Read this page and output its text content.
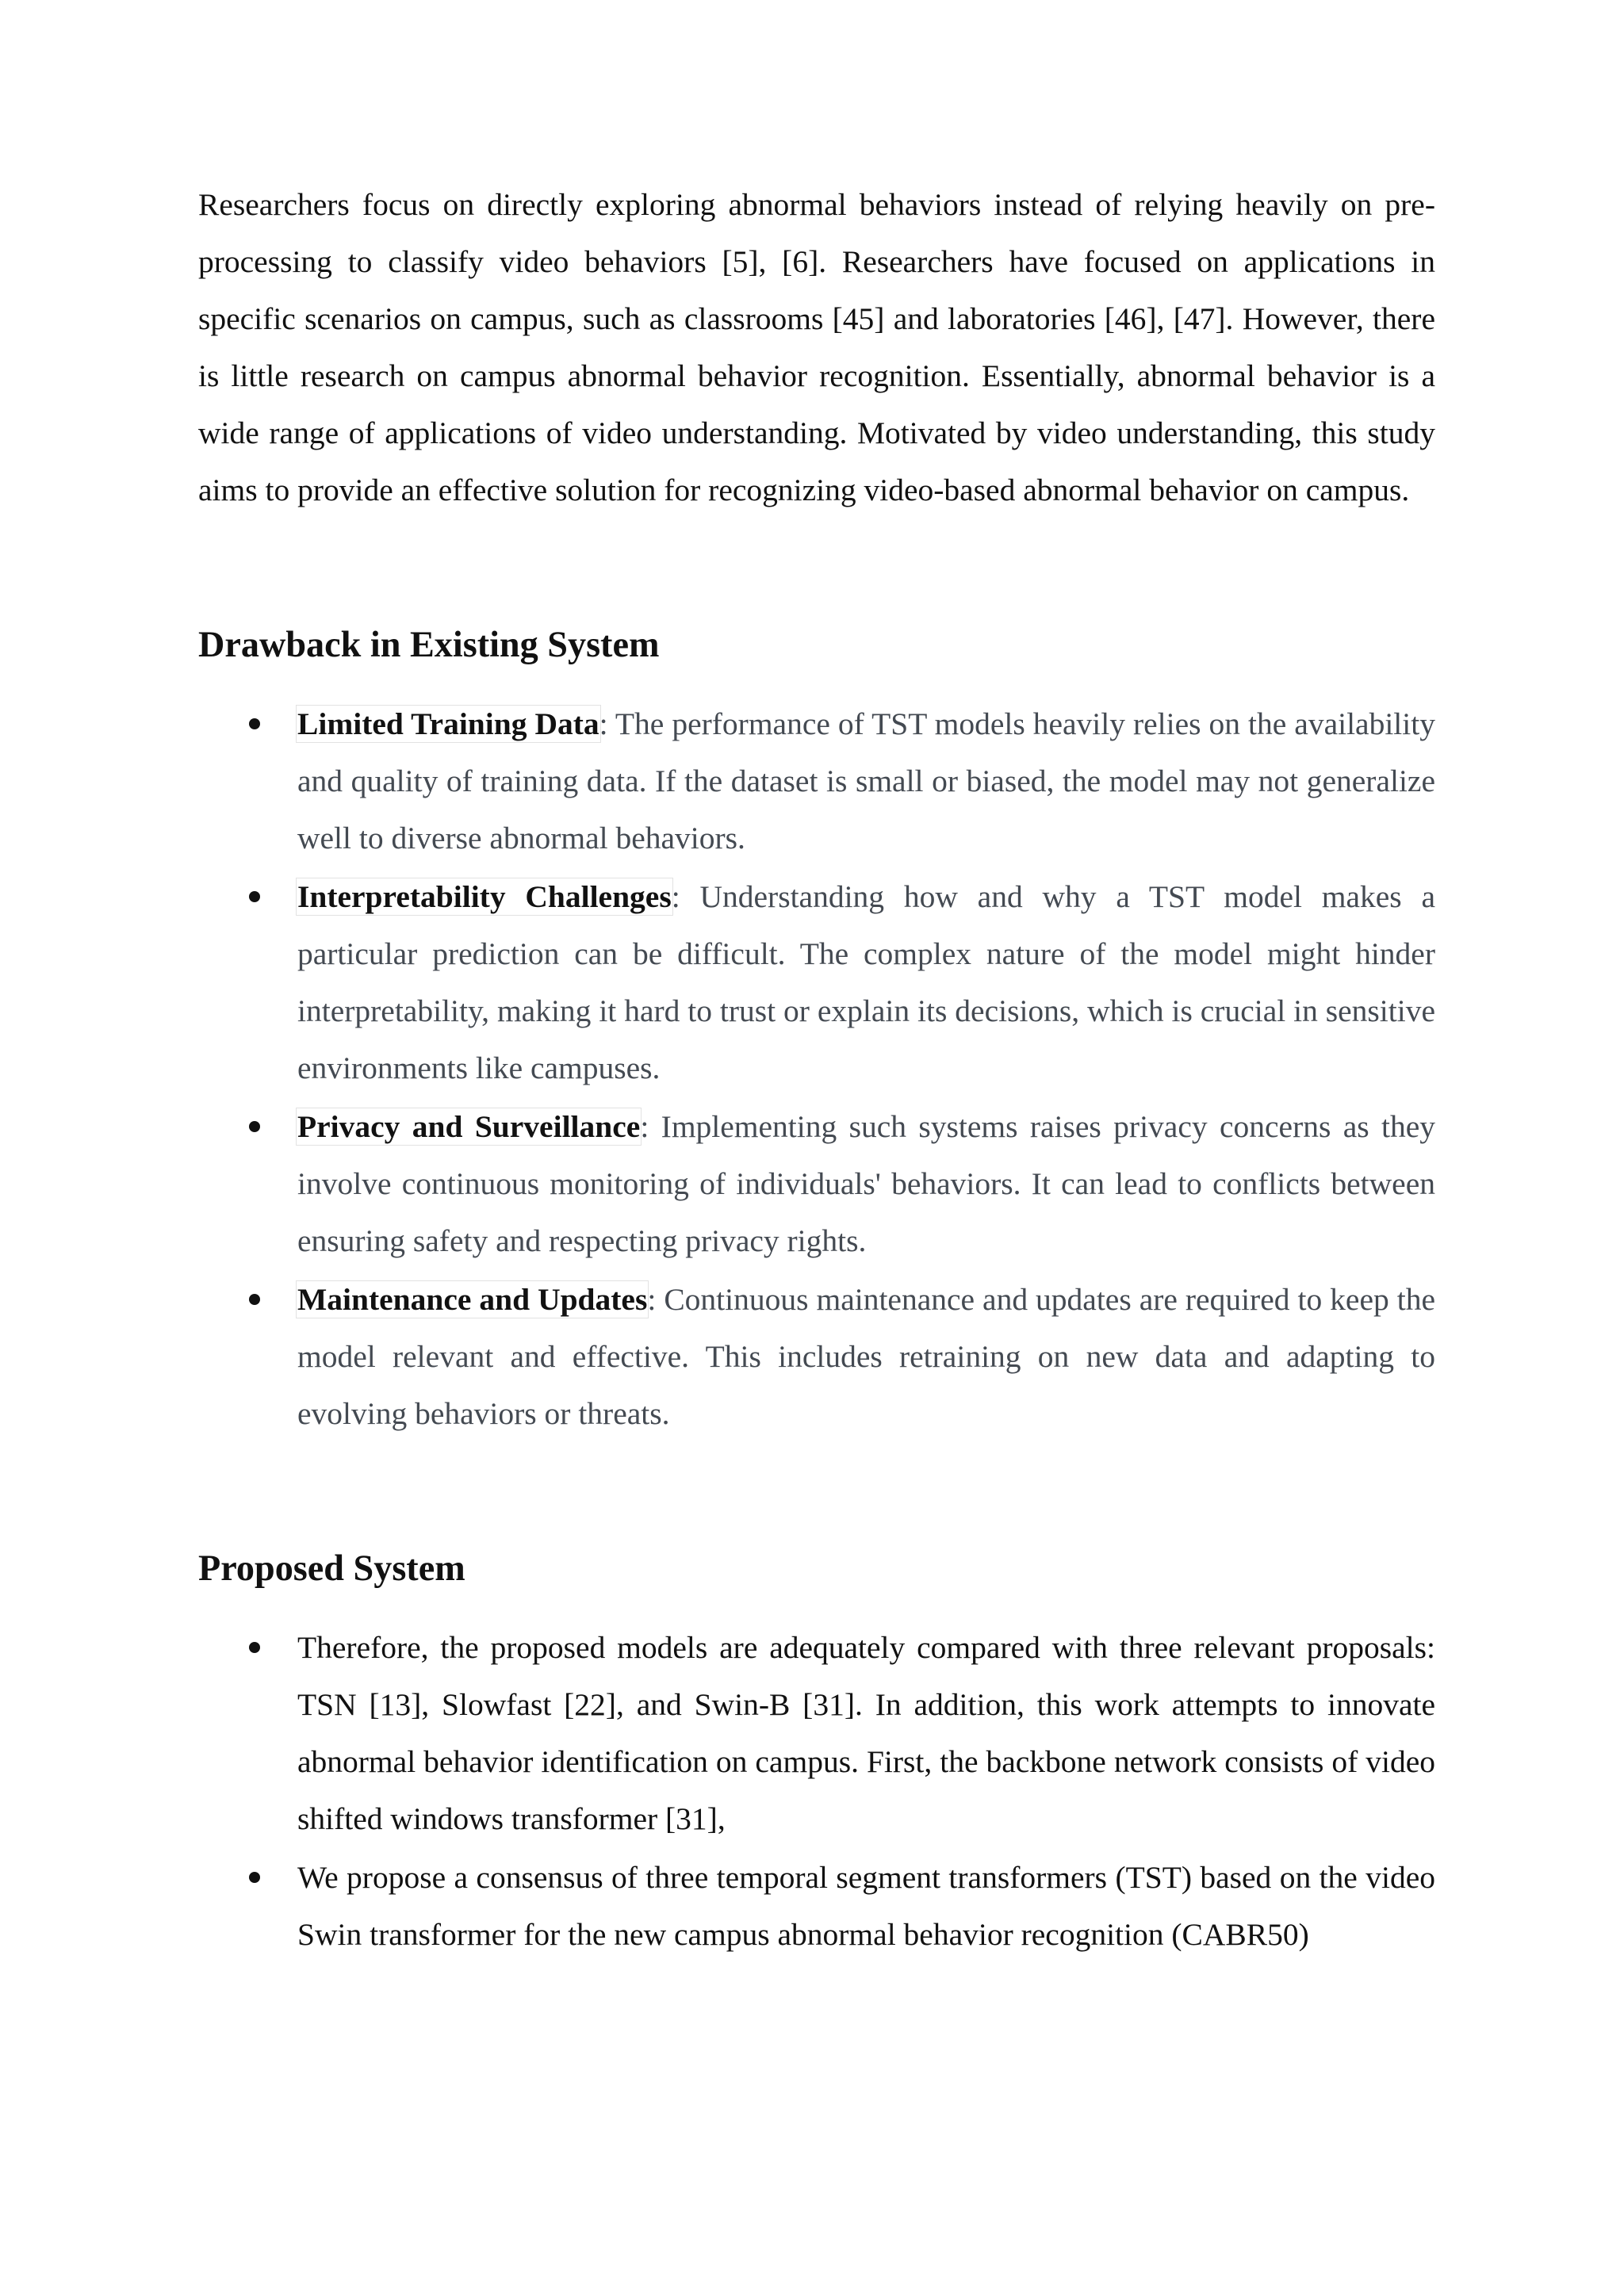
Researchers focus on directly exploring abnormal behaviors instead of relying heavily on pre-processing to classify video behaviors [5], [6]. Researchers have focused on applications in specific scenarios on campus, such as classrooms [45] and laboratories [46], [47]. However, there is little research on campus abnormal behavior recognition. Essentially, abnormal behavior is a wide range of applications of video understanding. Motivated by video understanding, this study aims to provide an effective solution for recognizing video-based abnormal behavior on campus.

Drawback in Existing System
Limited Training Data: The performance of TST models heavily relies on the availability and quality of training data. If the dataset is small or biased, the model may not generalize well to diverse abnormal behaviors.
Interpretability Challenges: Understanding how and why a TST model makes a particular prediction can be difficult. The complex nature of the model might hinder interpretability, making it hard to trust or explain its decisions, which is crucial in sensitive environments like campuses.
Privacy and Surveillance: Implementing such systems raises privacy concerns as they involve continuous monitoring of individuals' behaviors. It can lead to conflicts between ensuring safety and respecting privacy rights.
Maintenance and Updates: Continuous maintenance and updates are required to keep the model relevant and effective. This includes retraining on new data and adapting to evolving behaviors or threats.
Proposed System
Therefore, the proposed models are adequately compared with three relevant proposals: TSN [13], Slowfast [22], and Swin-B [31]. In addition, this work attempts to innovate abnormal behavior identification on campus. First, the backbone network consists of video shifted windows transformer [31],
We propose a consensus of three temporal segment transformers (TST) based on the video Swin transformer for the new campus abnormal behavior recognition (CABR50)
